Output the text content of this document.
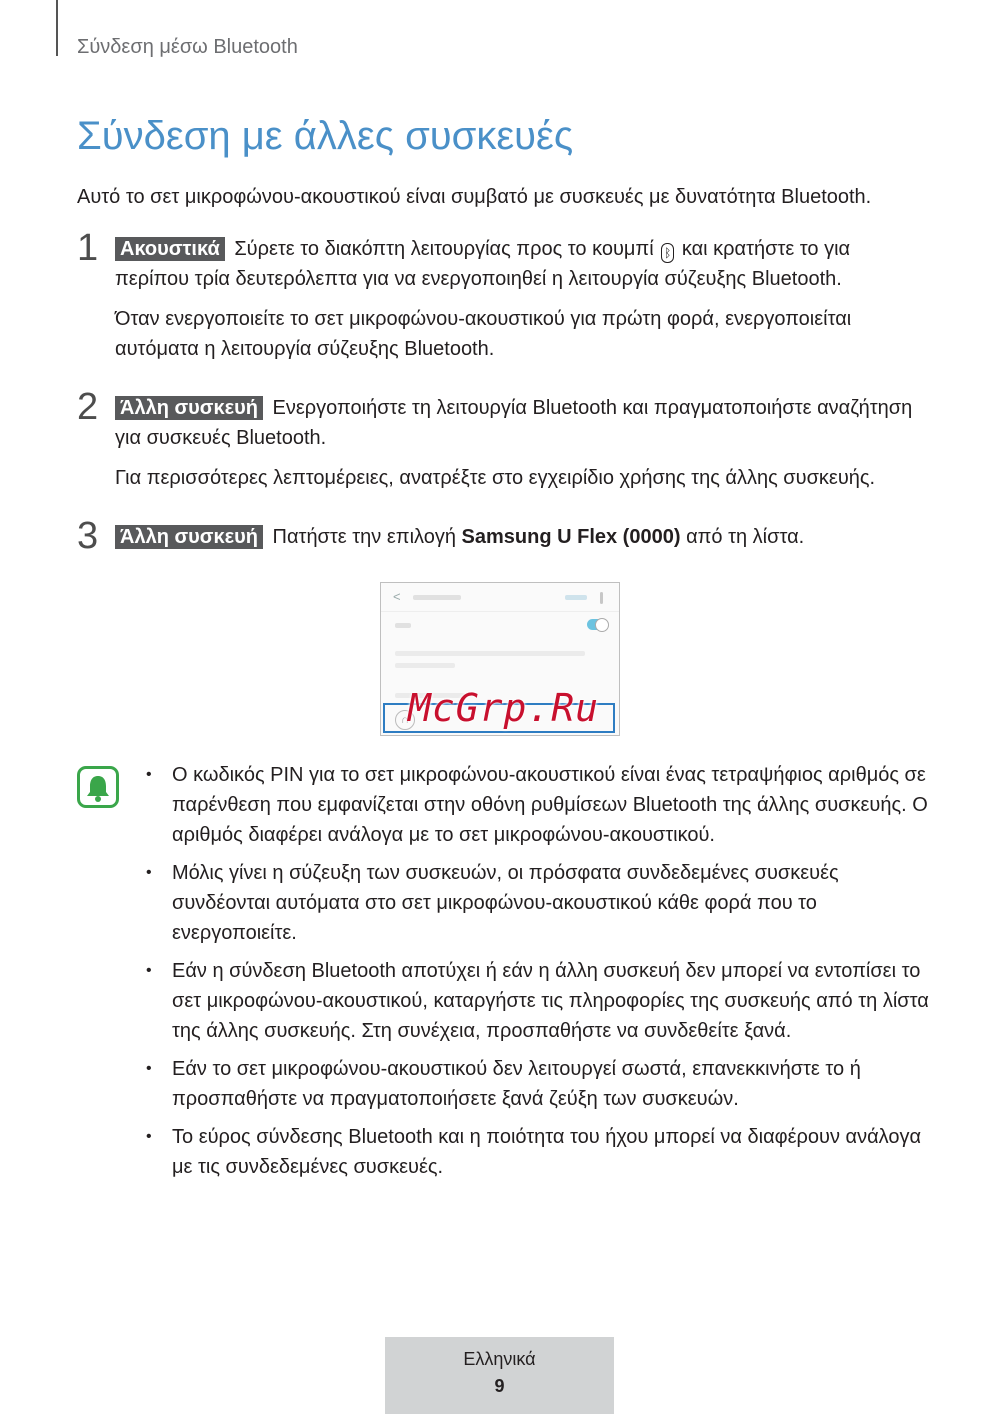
Σύνδεση μέσω Bluetooth
Σύνδεση με άλλες συσκευές
Αυτό το σετ μικροφώνου-ακουστικού είναι συμβατό με συσκευές με δυνατότητα Bluetooth.
1 Ακουστικά Σύρετε το διακόπτη λειτουργίας προς το κουμπί ᛒ και κρατήστε το για περίπου τρία δευτερόλεπτα για να ενεργοποιηθεί η λειτουργία σύζευξης Bluetooth.

Όταν ενεργοποιείτε το σετ μικροφώνου-ακουστικού για πρώτη φορά, ενεργοποιείται αυτόματα η λειτουργία σύζευξης Bluetooth.

2 Άλλη συσκευή Ενεργοποιήστε τη λειτουργία Bluetooth και πραγματοποιήστε αναζήτηση για συσκευές Bluetooth.

Για περισσότερες λεπτομέρειες, ανατρέξτε στο εγχειρίδιο χρήσης της άλλης συσκευής.

3 Άλλη συσκευή Πατήστε την επιλογή Samsung U Flex (0000) από τη λίστα.

<
∩ McGrp.Ru
• Ο κωδικός PIN για το σετ μικροφώνου-ακουστικού είναι ένας τετραψήφιος αριθμός σε παρένθεση που εμφανίζεται στην οθόνη ρυθμίσεων Bluetooth της άλλης συσκευής. Ο αριθμός διαφέρει ανάλογα με το σετ μικροφώνου-ακουστικού.
• Μόλις γίνει η σύζευξη των συσκευών, οι πρόσφατα συνδεδεμένες συσκευές συνδέονται αυτόματα στο σετ μικροφώνου-ακουστικού κάθε φορά που το ενεργοποιείτε.
• Εάν η σύνδεση Bluetooth αποτύχει ή εάν η άλλη συσκευή δεν μπορεί να εντοπίσει το σετ μικροφώνου-ακουστικού, καταργήστε τις πληροφορίες της συσκευής από τη λίστα της άλλης συσκευής. Στη συνέχεια, προσπαθήστε να συνδεθείτε ξανά.
• Εάν το σετ μικροφώνου-ακουστικού δεν λειτουργεί σωστά, επανεκκινήστε το ή προσπαθήστε να πραγματοποιήσετε ξανά ζεύξη των συσκευών.
• Το εύρος σύνδεσης Bluetooth και η ποιότητα του ήχου μπορεί να διαφέρουν ανάλογα με τις συνδεδεμένες συσκευές.
Ελληνικά
9
